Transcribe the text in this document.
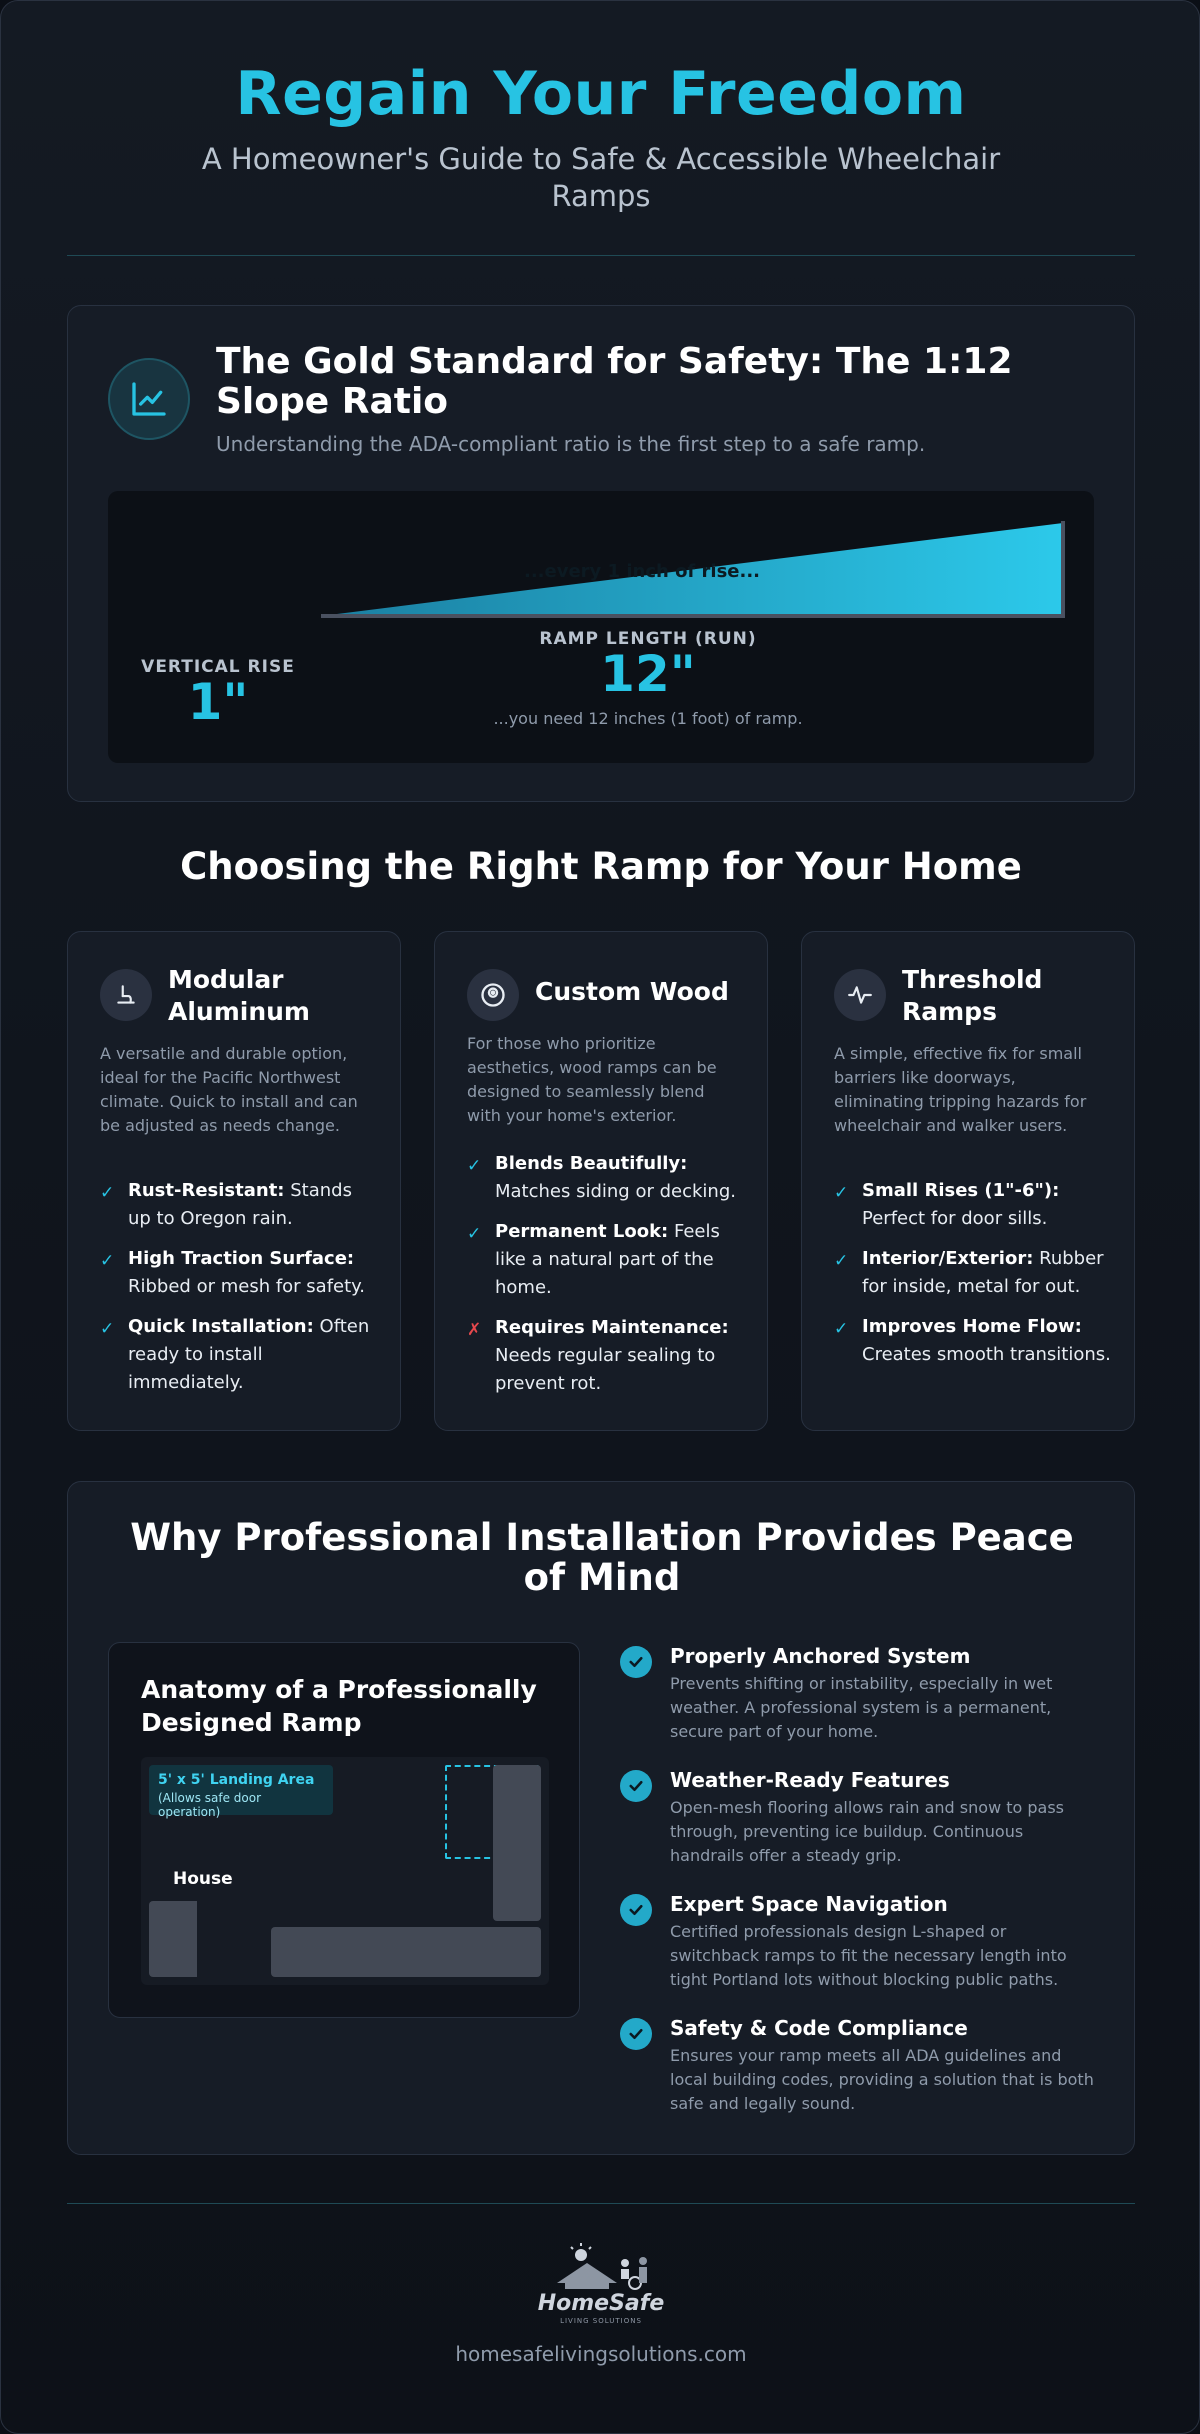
Regain Your Freedom
A Homeowner's Guide to Safe & Accessible Wheelchair Ramps
The Gold Standard for Safety: The 1:12 Slope Ratio
Understanding the ADA-compliant ratio is the first step to a safe ramp.
...every 1 inch of rise...
VERTICAL RISE
1"
RAMP LENGTH (RUN)
12"
...you need 12 inches (1 foot) of ramp.
Choosing the Right Ramp for Your Home
Modular Aluminum
A versatile and durable option, ideal for the Pacific Northwest climate. Quick to install and can be adjusted as needs change.
✓ Rust-Resistant: Stands up to Oregon rain.
✓ High Traction Surface: Ribbed or mesh for safety.
✓ Quick Installation: Often ready to install immediately.
Custom Wood
For those who prioritize aesthetics, wood ramps can be designed to seamlessly blend with your home's exterior.
✓ Blends Beautifully: Matches siding or decking.
✓ Permanent Look: Feels like a natural part of the home.
✗ Requires Maintenance: Needs regular sealing to prevent rot.
Threshold Ramps
A simple, effective fix for small barriers like doorways, eliminating tripping hazards for wheelchair and walker users.
✓ Small Rises (1"-6"): Perfect for door sills.
✓ Interior/Exterior: Rubber for inside, metal for out.
✓ Improves Home Flow: Creates smooth transitions.
Why Professional Installation Provides Peace of Mind
Anatomy of a Professionally Designed Ramp
5' x 5' Landing Area
(Allows safe door operation)
House
Properly Anchored System
Prevents shifting or instability, especially in wet weather. A professional system is a permanent, secure part of your home.
Weather-Ready Features
Open-mesh flooring allows rain and snow to pass through, preventing ice buildup. Continuous handrails offer a steady grip.
Expert Space Navigation
Certified professionals design L-shaped or switchback ramps to fit the necessary length into tight Portland lots without blocking public paths.
Safety & Code Compliance
Ensures your ramp meets all ADA guidelines and local building codes, providing a solution that is both safe and legally sound.
HomeSafe
LIVING SOLUTIONS
homesafelivingsolutions.com
